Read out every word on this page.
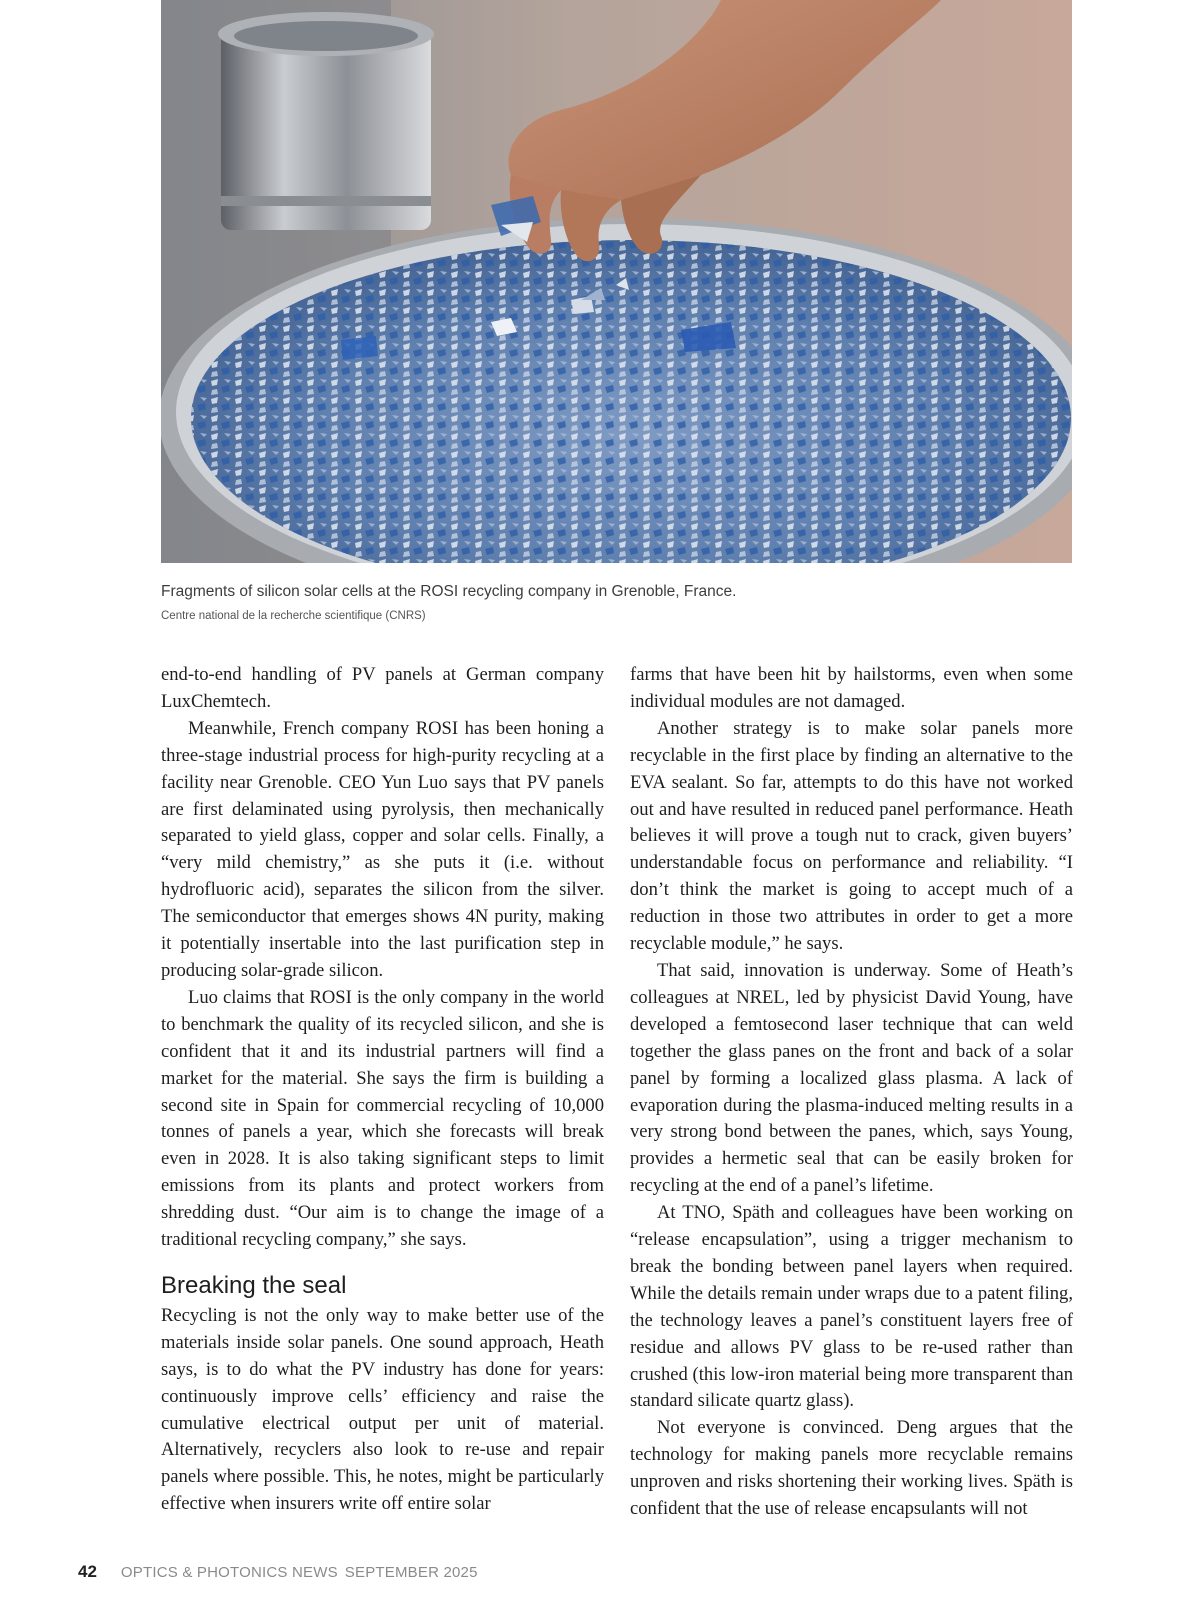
Fragments of silicon solar cells at the ROSI recycling company in Grenoble, France.

Centre national de la recherche scientifique (CNRS)

end-to-end handling of PV panels at German company LuxChemtech.

Meanwhile, French company ROSI has been honing a three-stage industrial process for high-purity recycling at a facility near Grenoble. CEO Yun Luo says that PV panels are first delaminated using pyrolysis, then mechanically separated to yield glass, copper and solar cells. Finally, a “very mild chemistry,” as she puts it (i.e. without hydrofluoric acid), separates the silicon from the silver. The semiconductor that emerges shows 4N purity, making it potentially insertable into the last purification step in producing solar-grade silicon.

Luo claims that ROSI is the only company in the world to benchmark the quality of its recycled silicon, and she is confident that it and its industrial partners will find a market for the material. She says the firm is building a second site in Spain for commercial recycling of 10,000 tonnes of panels a year, which she forecasts will break even in 2028. It is also taking significant steps to limit emissions from its plants and protect workers from shredding dust. “Our aim is to change the image of a traditional recycling company,” she says.

Breaking the seal

Recycling is not the only way to make better use of the materials inside solar panels. One sound approach, Heath says, is to do what the PV industry has done for years: continuously improve cells’ efficiency and raise the cumulative electrical output per unit of material. Alternatively, recyclers also look to re-use and repair panels where possible. This, he notes, might be particularly effective when insurers write off entire solar

farms that have been hit by hailstorms, even when some individual modules are not damaged.

Another strategy is to make solar panels more recyclable in the first place by finding an alternative to the EVA sealant. So far, attempts to do this have not worked out and have resulted in reduced panel performance. Heath believes it will prove a tough nut to crack, given buyers’ understandable focus on performance and reliability. “I don’t think the market is going to accept much of a reduction in those two attributes in order to get a more recyclable module,” he says.

That said, innovation is underway. Some of Heath’s colleagues at NREL, led by physicist David Young, have developed a femtosecond laser technique that can weld together the glass panes on the front and back of a solar panel by forming a localized glass plasma. A lack of evaporation during the plasma-induced melting results in a very strong bond between the panes, which, says Young, provides a hermetic seal that can be easily broken for recycling at the end of a panel’s lifetime.

At TNO, Späth and colleagues have been working on “release encapsulation”, using a trigger mechanism to break the bonding between panel layers when required. While the details remain under wraps due to a patent filing, the technology leaves a panel’s constituent layers free of residue and allows PV glass to be re-used rather than crushed (this low-iron material being more transparent than standard silicate quartz glass).

Not everyone is convinced. Deng argues that the technology for making panels more recyclable remains unproven and risks shortening their working lives. Späth is confident that the use of release encapsulants will not

42 OPTICS & PHOTONICS NEWS SEPTEMBER 2025
